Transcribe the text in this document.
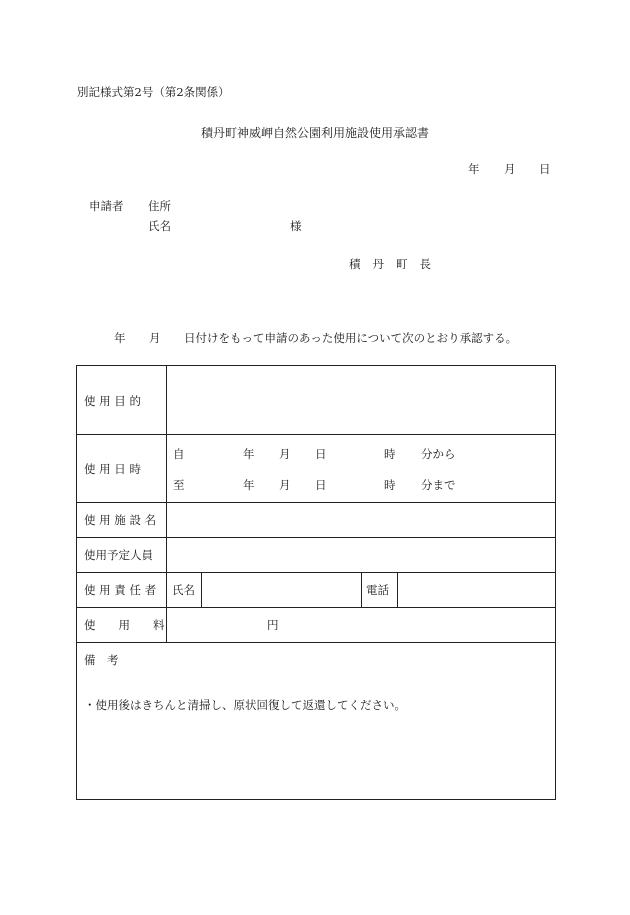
別記様式第2号（第2条関係）
積丹町神威岬自然公園利用施設使用承認書
年 月 日
申請者 住所
氏名	様
積 丹 町 長
年 月 日付けをもって申請のあった使用について次のとおり承認する。
使 用 目 的
使 用 日 時
自	年 月 日	時 分から
至	年 月 日	時 分まで
使 用 施 設 名
使用予定人員
使 用 責 任 者 氏名	電話
使　　用　　料	円
備　考
・使用後はきちんと清掃し、原状回復して返還してください。
